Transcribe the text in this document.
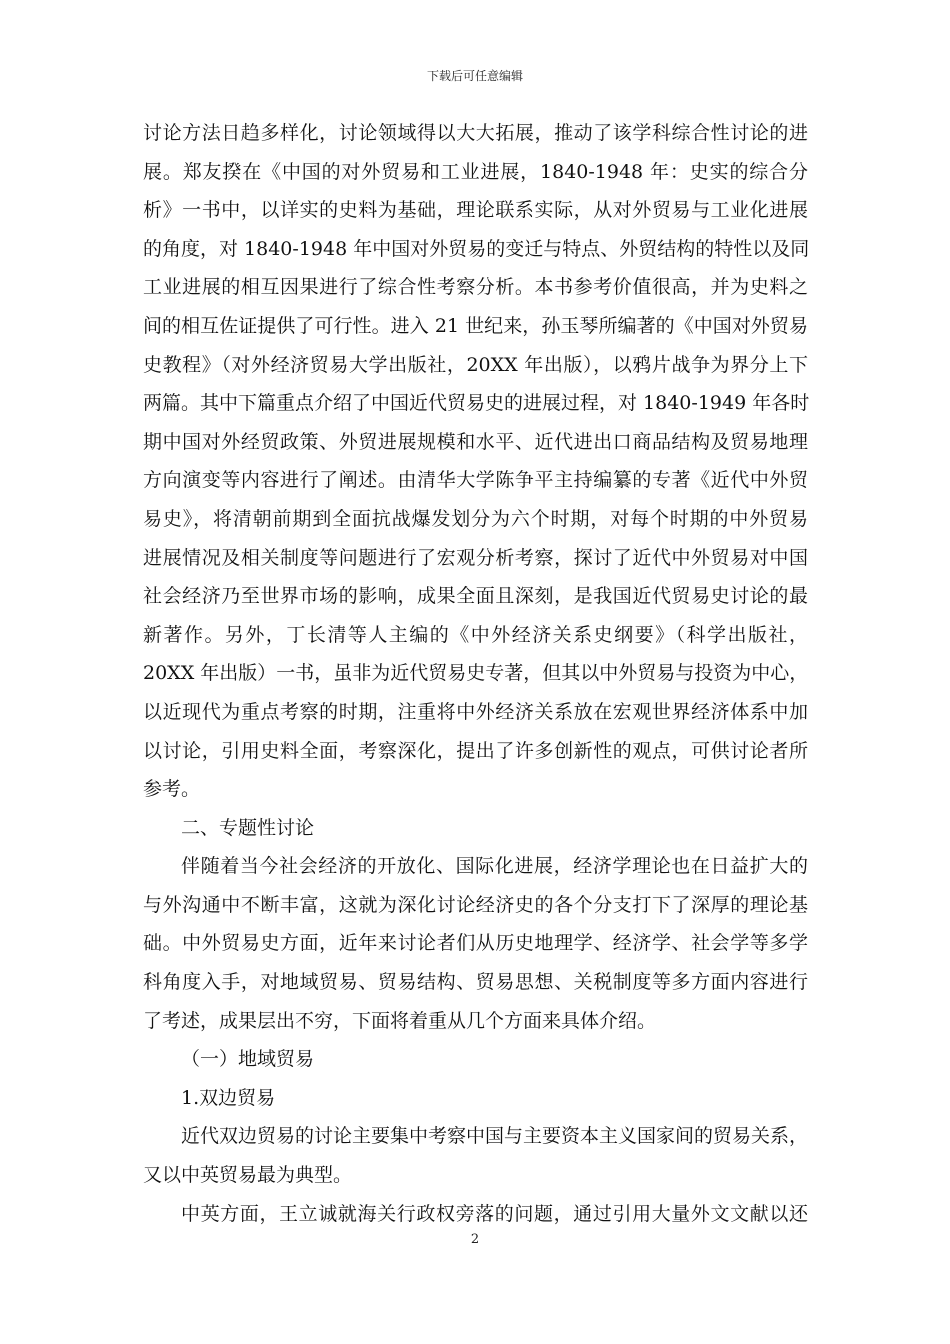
下载后可任意编辑

讨论方法日趋多样化，讨论领域得以大大拓展，推动了该学科综合性讨论的进
展。郑友揆在《中国的对外贸易和工业进展，1840-1948 年：史实的综合分
析》一书中，以详实的史料为基础，理论联系实际，从对外贸易与工业化进展
的角度，对 1840-1948 年中国对外贸易的变迁与特点、外贸结构的特性以及同
工业进展的相互因果进行了综合性考察分析。本书参考价值很高，并为史料之
间的相互佐证提供了可行性。进入 21 世纪来，孙玉琴所编著的《中国对外贸易
史教程》（对外经济贸易大学出版社，20XX 年出版），以鸦片战争为界分上下
两篇。其中下篇重点介绍了中国近代贸易史的进展过程，对 1840-1949 年各时
期中国对外经贸政策、外贸进展规模和水平、近代进出口商品结构及贸易地理
方向演变等内容进行了阐述。由清华大学陈争平主持编纂的专著《近代中外贸
易史》，将清朝前期到全面抗战爆发划分为六个时期，对每个时期的中外贸易
进展情况及相关制度等问题进行了宏观分析考察，探讨了近代中外贸易对中国
社会经济乃至世界市场的影响，成果全面且深刻，是我国近代贸易史讨论的最
新著作。另外，丁长清等人主编的《中外经济关系史纲要》（科学出版社，
20XX 年出版）一书，虽非为近代贸易史专著，但其以中外贸易与投资为中心，
以近现代为重点考察的时期，注重将中外经济关系放在宏观世界经济体系中加
以讨论，引用史料全面，考察深化，提出了许多创新性的观点，可供讨论者所
参考。

二、专题性讨论

伴随着当今社会经济的开放化、国际化进展，经济学理论也在日益扩大的
与外沟通中不断丰富，这就为深化讨论经济史的各个分支打下了深厚的理论基
础。中外贸易史方面，近年来讨论者们从历史地理学、经济学、社会学等多学
科角度入手，对地域贸易、贸易结构、贸易思想、关税制度等多方面内容进行
了考述，成果层出不穷，下面将着重从几个方面来具体介绍。

（一）地域贸易

1.双边贸易

近代双边贸易的讨论主要集中考察中国与主要资本主义国家间的贸易关系，
又以中英贸易最为典型。

中英方面，王立诚就海关行政权旁落的问题，通过引用大量外文文献以还

2
